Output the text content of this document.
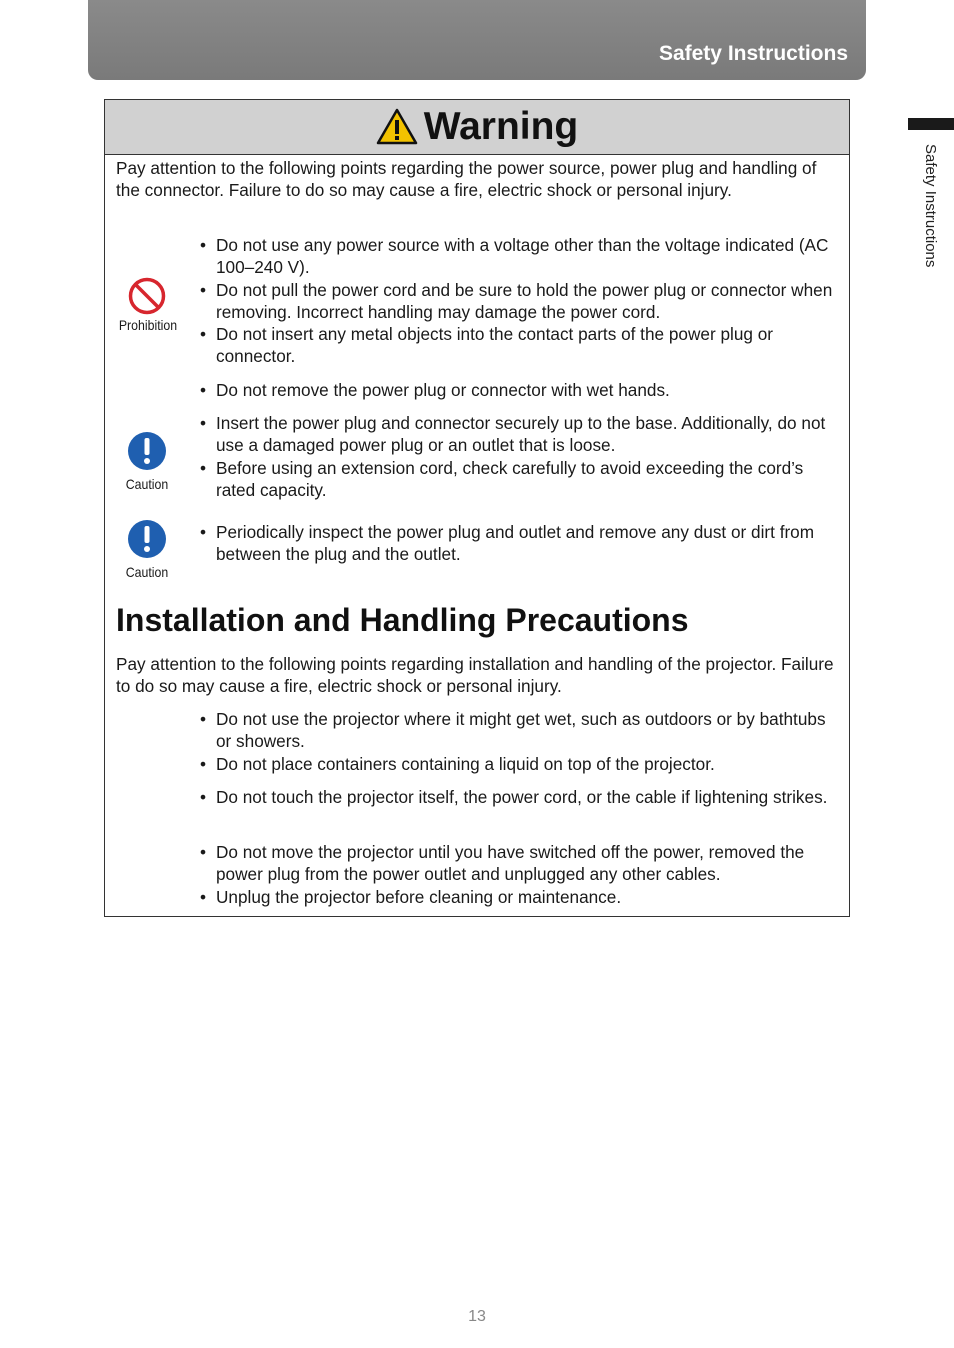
Safety Instructions
Safety Instructions
Warning
Pay attention to the following points regarding the power source, power plug and handling of the connector. Failure to do so may cause a fire, electric shock or personal injury.
Prohibition
• Do not use any power source with a voltage other than the voltage indicated (AC 100–240 V).
• Do not pull the power cord and be sure to hold the power plug or connector when removing. Incorrect handling may damage the power cord.
• Do not insert any metal objects into the contact parts of the power plug or connector.
• Do not remove the power plug or connector with wet hands.
Caution
• Insert the power plug and connector securely up to the base. Additionally, do not use a damaged power plug or an outlet that is loose.
• Before using an extension cord, check carefully to avoid exceeding the cord’s rated capacity.
Caution
• Periodically inspect the power plug and outlet and remove any dust or dirt from between the plug and the outlet.
Installation and Handling Precautions
Pay attention to the following points regarding installation and handling of the projector. Failure to do so may cause a fire, electric shock or personal injury.
• Do not use the projector where it might get wet, such as outdoors or by bathtubs or showers.
• Do not place containers containing a liquid on top of the projector.
• Do not touch the projector itself, the power cord, or the cable if lightening strikes.
• Do not move the projector until you have switched off the power, removed the power plug from the power outlet and unplugged any other cables.
• Unplug the projector before cleaning or maintenance.
13
